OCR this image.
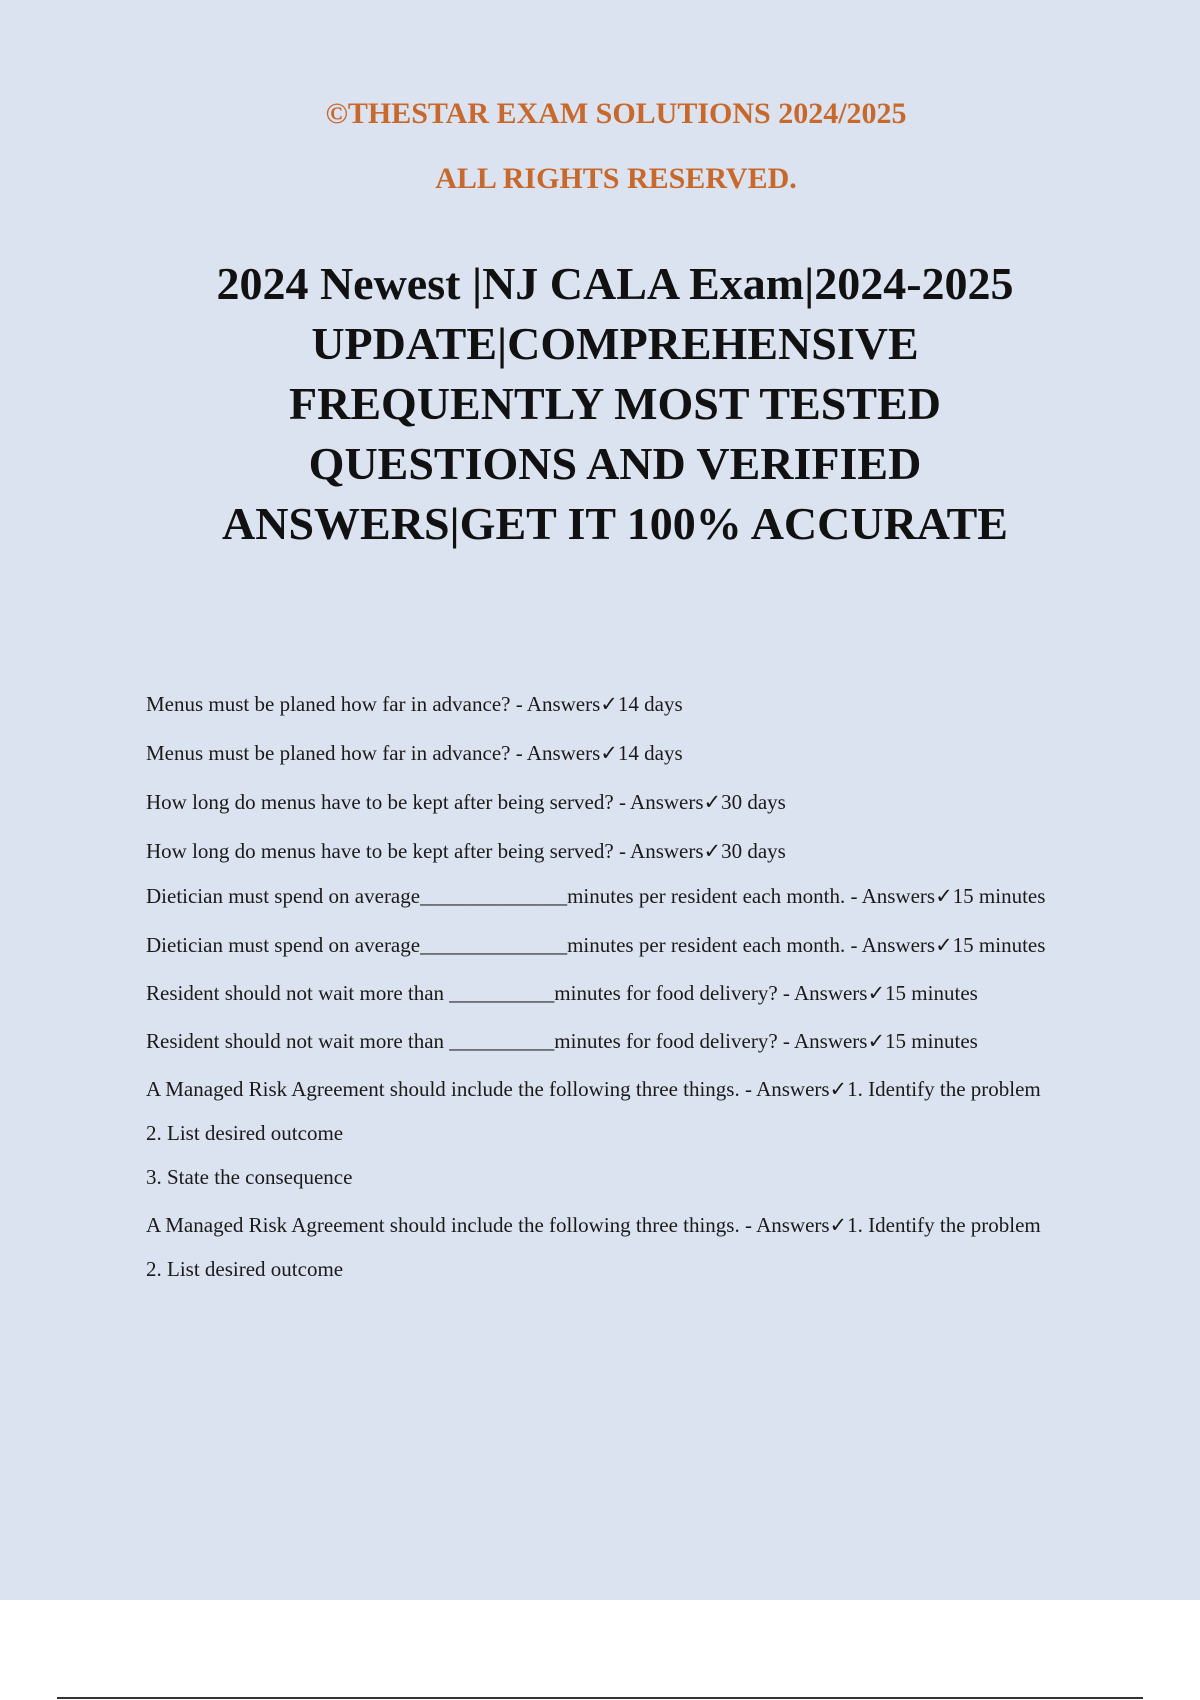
©THESTAR EXAM SOLUTIONS 2024/2025
ALL RIGHTS RESERVED.
2024 Newest |NJ CALA Exam|2024-2025
UPDATE|COMPREHENSIVE
FREQUENTLY MOST TESTED
QUESTIONS AND VERIFIED
ANSWERS|GET IT 100% ACCURATE

Menus must be planed how far in advance? - Answers✓14 days

Menus must be planed how far in advance? - Answers✓14 days

How long do menus have to be kept after being served? - Answers✓30 days

How long do menus have to be kept after being served? - Answers✓30 days

Dietician must spend on average______________minutes per resident each month. - Answers✓15 minutes

Dietician must spend on average______________minutes per resident each month. - Answers✓15 minutes

Resident should not wait more than __________minutes for food delivery? - Answers✓15 minutes

Resident should not wait more than __________minutes for food delivery? - Answers✓15 minutes

A Managed Risk Agreement should include the following three things. - Answers✓1. Identify the problem

2. List desired outcome

3. State the consequence

A Managed Risk Agreement should include the following three things. - Answers✓1. Identify the problem

2. List desired outcome
